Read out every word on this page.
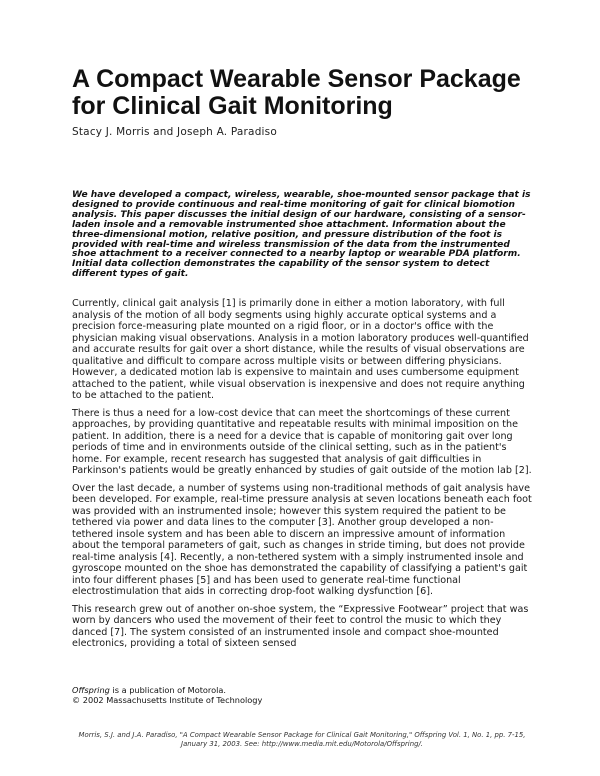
A Compact Wearable Sensor Package for Clinical Gait Monitoring

Stacy J. Morris and Joseph A. Paradiso

We have developed a compact, wireless, wearable, shoe-mounted sensor package that is designed to provide continuous and real-time monitoring of gait for clinical biomotion analysis. This paper discusses the initial design of our hardware, consisting of a sensor-laden insole and a removable instrumented shoe attachment. Information about the three-dimensional motion, relative position, and pressure distribution of the foot is provided with real-time and wireless transmission of the data from the instrumented shoe attachment to a receiver connected to a nearby laptop or wearable PDA platform. Initial data collection demonstrates the capability of the sensor system to detect different types of gait.

Currently, clinical gait analysis [1] is primarily done in either a motion laboratory, with full analysis of the motion of all body segments using highly accurate optical systems and a precision force-measuring plate mounted on a rigid floor, or in a doctor's office with the physician making visual observations. Analysis in a motion laboratory produces well-quantified and accurate results for gait over a short distance, while the results of visual observations are qualitative and difficult to compare across multiple visits or between differing physicians. However, a dedicated motion lab is expensive to maintain and uses cumbersome equipment attached to the patient, while visual observation is inexpensive and does not require anything to be attached to the patient.

There is thus a need for a low-cost device that can meet the shortcomings of these current approaches, by providing quantitative and repeatable results with minimal imposition on the patient. In addition, there is a need for a device that is capable of monitoring gait over long periods of time and in environments outside of the clinical setting, such as in the patient's home. For example, recent research has suggested that analysis of gait difficulties in Parkinson's patients would be greatly enhanced by studies of gait outside of the motion lab [2].

Over the last decade, a number of systems using non-traditional methods of gait analysis have been developed. For example, real-time pressure analysis at seven locations beneath each foot was provided with an instrumented insole; however this system required the patient to be tethered via power and data lines to the computer [3]. Another group developed a non-tethered insole system and has been able to discern an impressive amount of information about the temporal parameters of gait, such as changes in stride timing, but does not provide real-time analysis [4]. Recently, a non-tethered system with a simply instrumented insole and gyroscope mounted on the shoe has demonstrated the capability of classifying a patient's gait into four different phases [5] and has been used to generate real-time functional electrostimulation that aids in correcting drop-foot walking dysfunction [6].

This research grew out of another on-shoe system, the “Expressive Footwear” project that was worn by dancers who used the movement of their feet to control the music to which they danced [7]. The system consisted of an instrumented insole and compact shoe-mounted electronics, providing a total of sixteen sensed

Offspring is a publication of Motorola.

© 2002 Massachusetts Institute of Technology

Morris, S.J. and J.A. Paradiso, "A Compact Wearable Sensor Package for Clinical Gait Monitoring," Offspring Vol. 1, No. 1, pp. 7-15,

January 31, 2003. See: http://www.media.mit.edu/Motorola/Offspring/.
